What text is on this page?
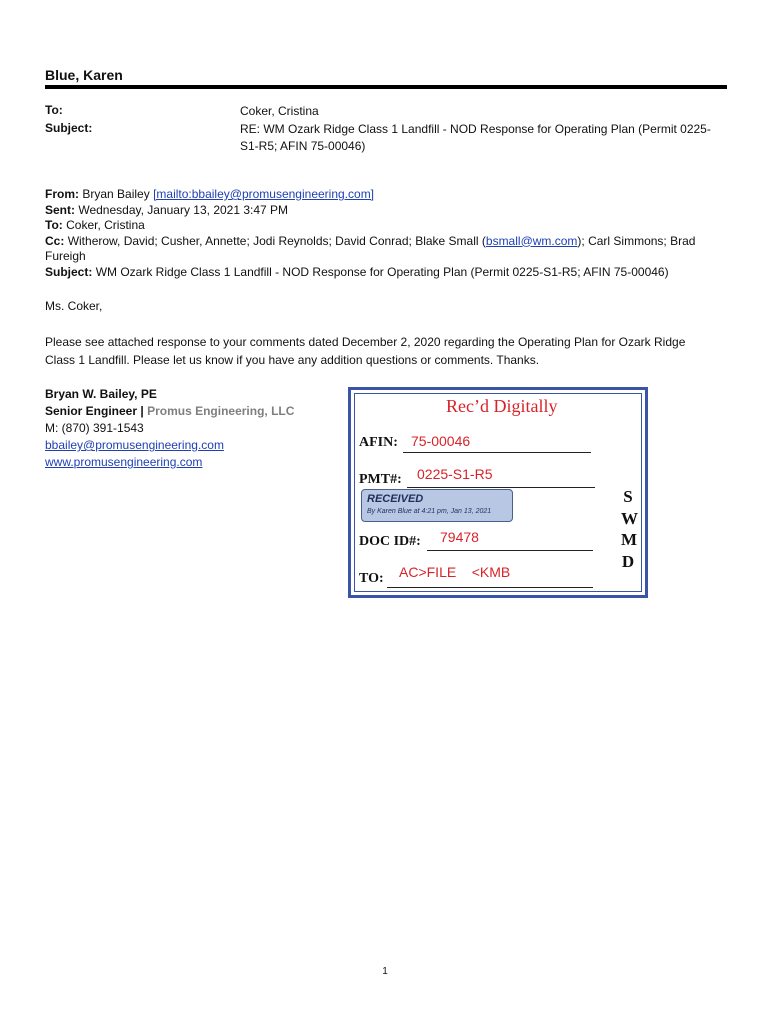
Blue, Karen
To:	Coker, Cristina
Subject:	RE: WM Ozark Ridge Class 1 Landfill - NOD Response for Operating Plan (Permit 0225-
S1-R5; AFIN 75-00046)
From: Bryan Bailey [mailto:bbailey@promusengineering.com]
Sent: Wednesday, January 13, 2021 3:47 PM
To: Coker, Cristina
Cc: Witherow, David; Cusher, Annette; Jodi Reynolds; David Conrad; Blake Small (bsmall@wm.com); Carl Simmons; Brad
Fureigh
Subject: WM Ozark Ridge Class 1 Landfill - NOD Response for Operating Plan (Permit 0225-S1-R5; AFIN 75-00046)
Ms. Coker,
Please see attached response to your comments dated December 2, 2020 regarding the Operating Plan for Ozark Ridge
Class 1 Landfill. Please let us know if you have any addition questions or comments. Thanks.
Bryan W. Bailey, PE
Senior Engineer | Promus Engineering, LLC
M: (870) 391-1543
bbailey@promusengineering.com
www.promusengineering.com
Rec’d Digitally
AFIN: 75-00046
PMT#: 0225-S1-R5
RECEIVED
By Karen Blue at 4:21 pm, Jan 13, 2021
DOC ID#: 79478
TO: AC>FILE    <KMB
S
W
M
D
1
